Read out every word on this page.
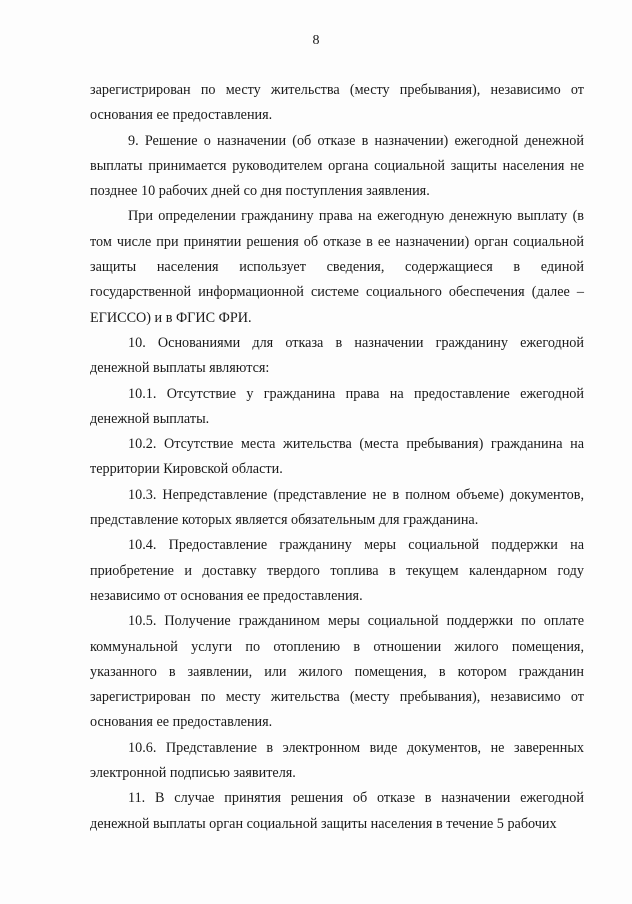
8

зарегистрирован по месту жительства (месту пребывания), независимо от основания ее предоставления.

9. Решение о назначении (об отказе в назначении) ежегодной денежной выплаты принимается руководителем органа социальной защиты населения не позднее 10 рабочих дней со дня поступления заявления.

При определении гражданину права на ежегодную денежную выплату (в том числе при принятии решения об отказе в ее назначении) орган социальной защиты населения использует сведения, содержащиеся в единой государственной информационной системе социального обеспечения (далее – ЕГИССО) и в ФГИС ФРИ.

10. Основаниями для отказа в назначении гражданину ежегодной денежной выплаты являются:

10.1. Отсутствие у гражданина права на предоставление ежегодной денежной выплаты.

10.2. Отсутствие места жительства (места пребывания) гражданина на территории Кировской области.

10.3. Непредставление (представление не в полном объеме) документов, представление которых является обязательным для гражданина.

10.4. Предоставление гражданину меры социальной поддержки на приобретение и доставку твердого топлива в текущем календарном году независимо от основания ее предоставления.

10.5. Получение гражданином меры социальной поддержки по оплате коммунальной услуги по отоплению в отношении жилого помещения, указанного в заявлении, или жилого помещения, в котором гражданин зарегистрирован по месту жительства (месту пребывания), независимо от основания ее предоставления.

10.6. Представление в электронном виде документов, не заверенных электронной подписью заявителя.

11. В случае принятия решения об отказе в назначении ежегодной денежной выплаты орган социальной защиты населения в течение 5 рабочих
